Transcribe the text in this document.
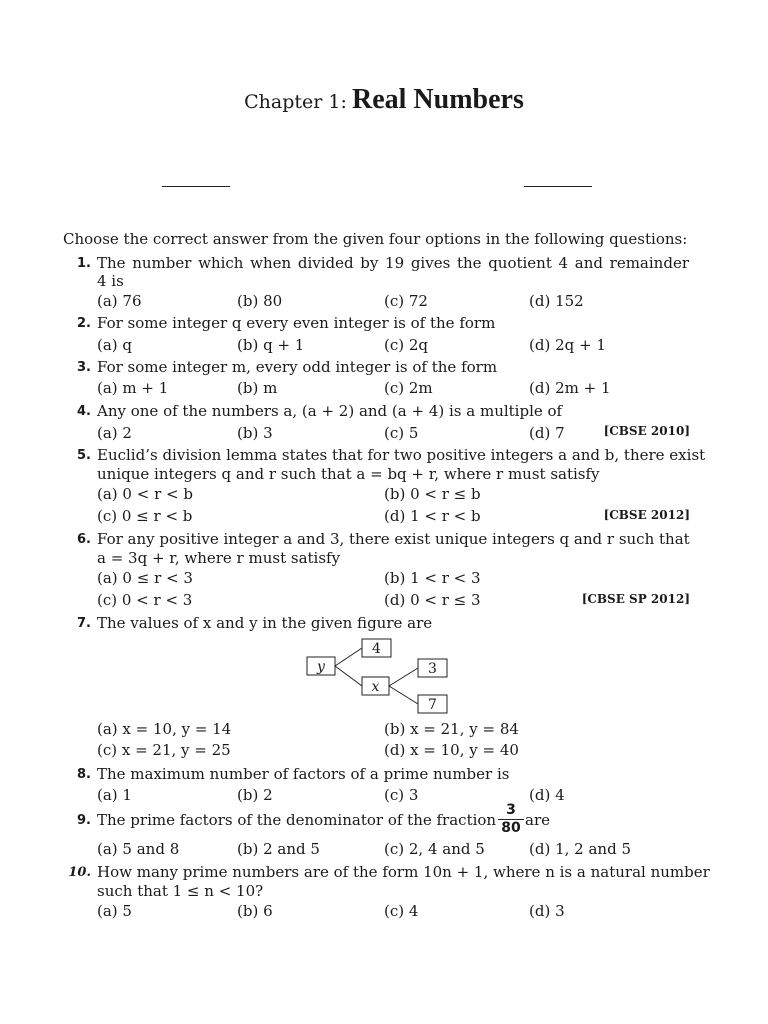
Chapter 1: Real Numbers
Choose the correct answer from the given four options in the following questions:
1. The number which when divided by 19 gives the quotient 4 and remainder
4 is
(a) 76	(b) 80	(c) 72	(d) 152
2. For some integer q every even integer is of the form
(a) q	(b) q + 1	(c) 2q	(d) 2q + 1
3. For some integer m, every odd integer is of the form
(a) m + 1	(b) m	(c) 2m	(d) 2m + 1
4. Any one of the numbers a, (a + 2) and (a + 4) is a multiple of
(a) 2	(b) 3	(c) 5	(d) 7	[CBSE 2010]
5. Euclid’s division lemma states that for two positive integers a and b, there exist
unique integers q and r such that a = bq + r, where r must satisfy
(a) 0 < r < b	(b) 0 < r ≤ b
(c) 0 ≤ r < b	(d) 1 < r < b	[CBSE 2012]
6. For any positive integer a and 3, there exist unique integers q and r such that
a = 3q + r, where r must satisfy
(a) 0 ≤ r < 3	(b) 1 < r < 3
(c) 0 < r < 3	(d) 0 < r ≤ 3	[CBSE SP 2012]
7. The values of x and y in the given figure are
y
4
x
3
7
(a) x = 10, y = 14	(b) x = 21, y = 84
(c) x = 21, y = 25	(d) x = 10, y = 40
8. The maximum number of factors of a prime number is
(a) 1	(b) 2	(c) 3	(d) 4
9. The prime factors of the denominator of the fraction $\frac{3}{80}$ are
(a) 5 and 8	(b) 2 and 5	(c) 2, 4 and 5	(d) 1, 2 and 5
10. How many prime numbers are of the form 10n + 1, where n is a natural number
such that 1 ≤ n < 10?
(a) 5	(b) 6	(c) 4	(d) 3
